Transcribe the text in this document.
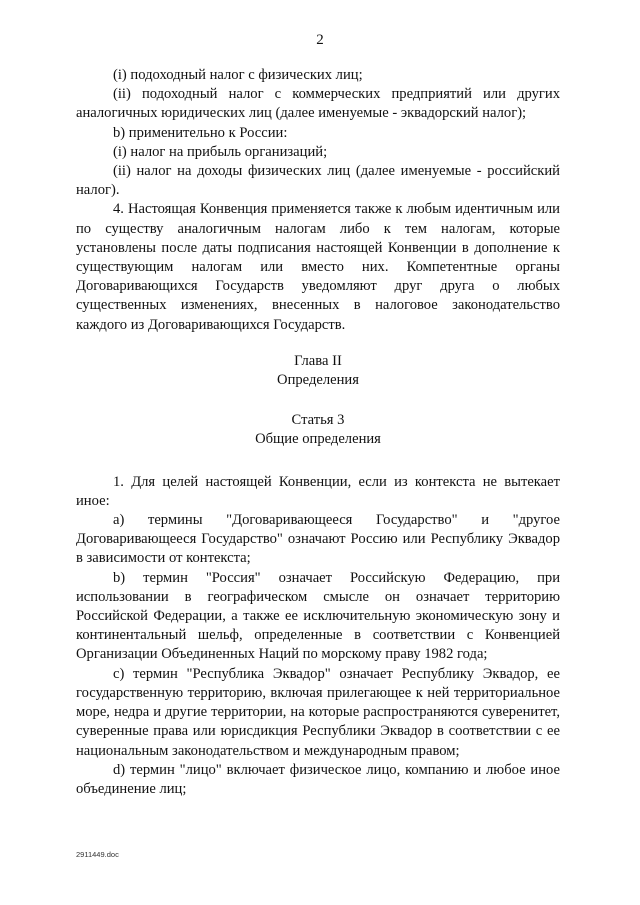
2

(i) подоходный налог с физических лиц;

(ii) подоходный налог с коммерческих предприятий или других аналогичных юридических лиц (далее именуемые - эквадорский налог);

b) применительно к России:

(i) налог на прибыль организаций;

(ii) налог на доходы физических лиц (далее именуемые - российский налог).

4. Настоящая Конвенция применяется также к любым идентичным или по существу аналогичным налогам либо к тем налогам, которые установлены после даты подписания настоящей Конвенции в дополнение к существующим налогам или вместо них. Компетентные органы Договаривающихся Государств уведомляют друг друга о любых существенных изменениях, внесенных в налоговое законодательство каждого из Договаривающихся Государств.

Глава II

Определения

Статья 3

Общие определения

1. Для целей настоящей Конвенции, если из контекста не вытекает иное:

a) термины "Договаривающееся Государство" и "другое Договаривающееся Государство" означают Россию или Республику Эквадор в зависимости от контекста;

b) термин "Россия" означает Российскую Федерацию, при использовании в географическом смысле он означает территорию Российской Федерации, а также ее исключительную экономическую зону и континентальный шельф, определенные в соответствии с Конвенцией Организации Объединенных Наций по морскому праву 1982 года;

c) термин "Республика Эквадор" означает Республику Эквадор, ее государственную территорию, включая прилегающее к ней территориальное море, недра и другие территории, на которые распространяются суверенитет, суверенные права или юрисдикция Республики Эквадор в соответствии с ее национальным законодательством и международным правом;

d) термин "лицо" включает физическое лицо, компанию и любое иное объединение лиц;

2911449.doc
